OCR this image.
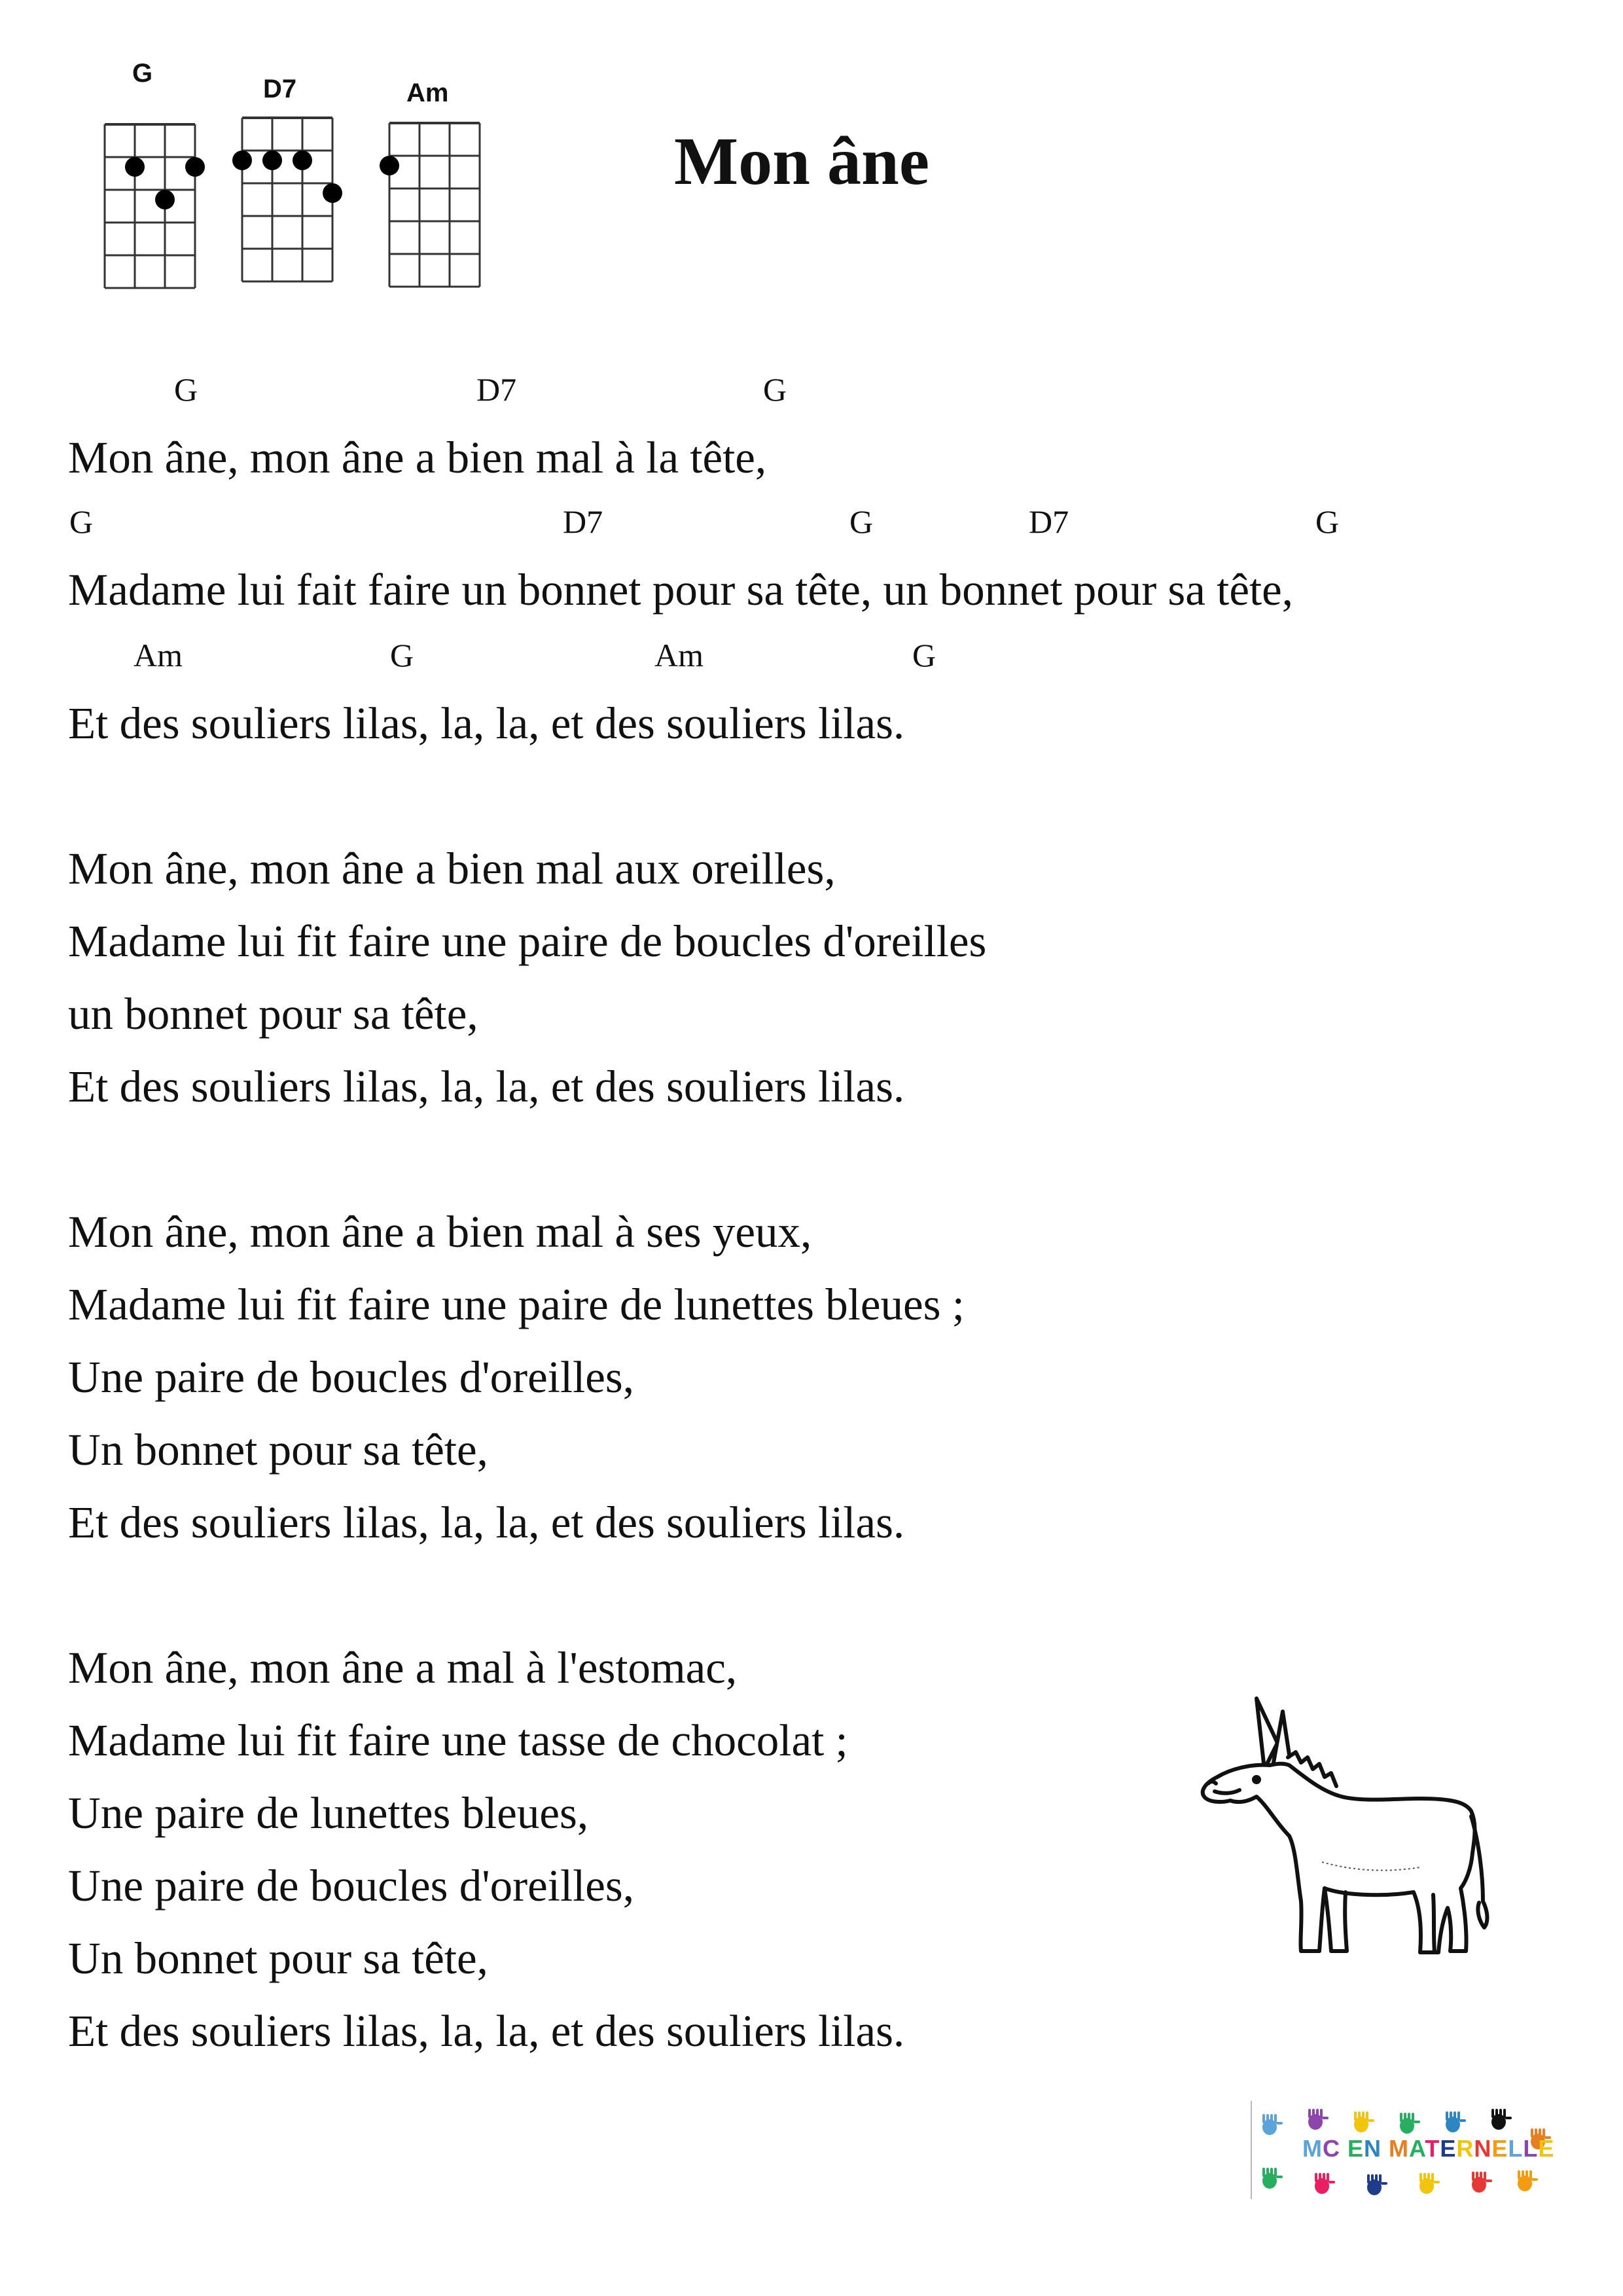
G
D7	Am
Mon âne
G	D7	G
G	D7	G	D7	G
Am	G	Am	G
Mon âne, mon âne a bien mal à la tête,
Madame lui fait faire un bonnet pour sa tête, un bonnet pour sa tête,
Et des souliers lilas, la, la, et des souliers lilas.
Mon âne, mon âne a bien mal aux oreilles,
Madame lui fit faire une paire de boucles d'oreilles
un bonnet pour sa tête,
Et des souliers lilas, la, la, et des souliers lilas.
Mon âne, mon âne a bien mal à ses yeux,
Madame lui fit faire une paire de lunettes bleues ;
Une paire de boucles d'oreilles,
Un bonnet pour sa tête,
Et des souliers lilas, la, la, et des souliers lilas.
Mon âne, mon âne a mal à l'estomac,
Madame lui fit faire une tasse de chocolat ;
Une paire de lunettes bleues,
Une paire de boucles d'oreilles,
Un bonnet pour sa tête,
Et des souliers lilas, la, la, et des souliers lilas.
MC EN MATERNELLE
